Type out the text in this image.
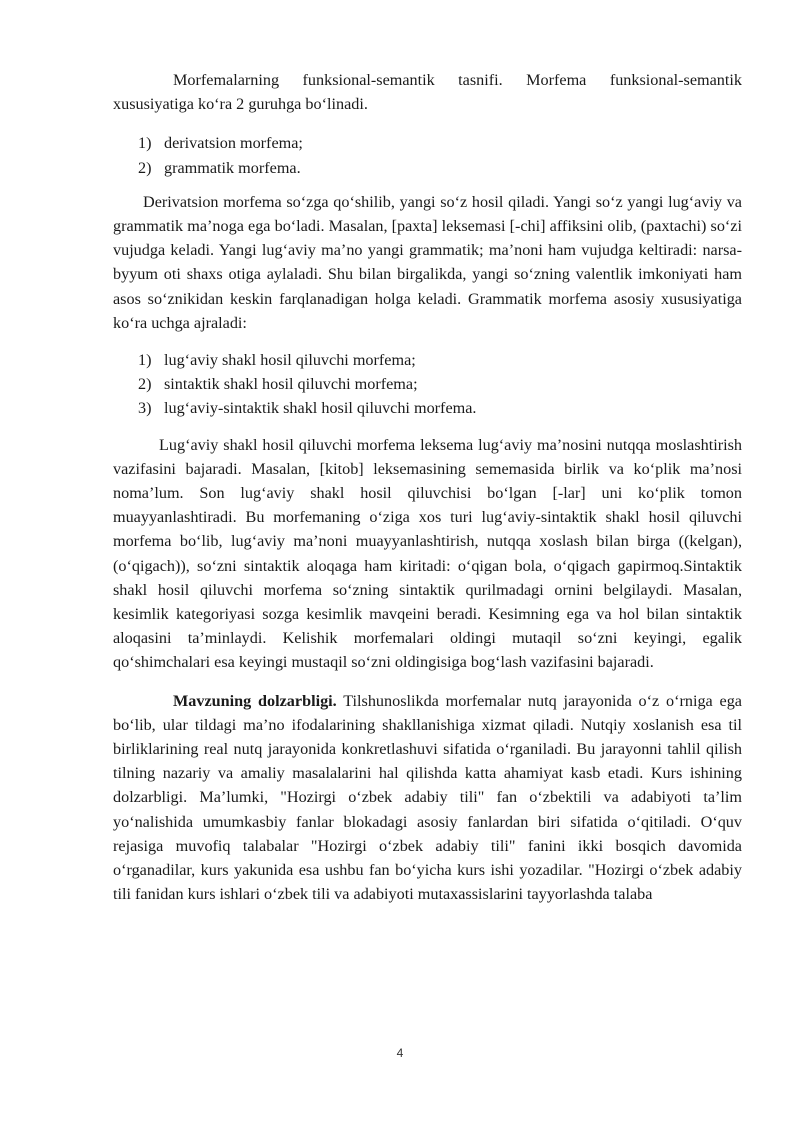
Morfemalarning funksional-semantik tasnifi. Morfema funksional-semantik xususiyatiga ko‘ra 2 guruhga bo‘linadi.

1) derivatsion morfema;
2) grammatik morfema.

Derivatsion morfema so‘zga qo‘shilib, yangi so‘z hosil qiladi. Yangi so‘z yangi lug‘aviy va grammatik ma’noga ega bo‘ladi. Masalan, [paxta] leksemasi [-chi] affiksini olib, (paxtachi) so‘zi vujudga keladi. Yangi lug‘aviy ma’no yangi grammatik; ma’noni ham vujudga keltiradi: narsa-byyum oti shaxs otiga aylaladi. Shu bilan birgalikda, yangi so‘zning valentlik imkoniyati ham asos so‘znikidan keskin farqlanadigan holga keladi. Grammatik morfema asosiy xususiyatiga ko‘ra uchga ajraladi:

1) lug‘aviy shakl hosil qiluvchi morfema;
2) sintaktik shakl hosil qiluvchi morfema;
3) lug‘aviy-sintaktik shakl hosil qiluvchi morfema.

Lug‘aviy shakl hosil qiluvchi morfema leksema lug‘aviy ma’nosini nutqqa moslashtirish vazifasini bajaradi. Masalan, [kitob] leksemasining sememasida birlik va ko‘plik ma’nosi noma’lum. Son lug‘aviy shakl hosil qiluvchisi bo‘lgan [-lar] uni ko‘plik tomon muayyanlashtiradi. Bu morfemaning o‘ziga xos turi lug‘aviy-sintaktik shakl hosil qiluvchi morfema bo‘lib, lug‘aviy ma’noni muayyanlashtirish, nutqqa xoslash bilan birga ((kelgan), (o‘qigach)), so‘zni sintaktik aloqaga ham kiritadi: o‘qigan bola, o‘qigach gapirmoq.Sintaktik shakl hosil qiluvchi morfema so‘zning sintaktik qurilmadagi ornini belgilaydi. Masalan, kesimlik kategoriyasi sozga kesimlik mavqeini beradi. Kesimning ega va hol bilan sintaktik aloqasini ta’minlaydi. Kelishik morfemalari oldingi mutaqil so‘zni keyingi, egalik qo‘shimchalari esa keyingi mustaqil so‘zni oldingisiga bog‘lash vazifasini bajaradi.

Mavzuning dolzarbligi. Tilshunoslikda morfemalar nutq jarayonida o‘z o‘rniga ega bo‘lib, ular tildagi ma’no ifodalarining shakllanishiga xizmat qiladi. Nutqiy xoslanish esa til birliklarining real nutq jarayonida konkretlashuvi sifatida o‘rganiladi. Bu jarayonni tahlil qilish tilning nazariy va amaliy masalalarini hal qilishda katta ahamiyat kasb etadi. Kurs ishining dolzarbligi. Ma’lumki, "Hozirgi o‘zbek adabiy tili" fan o‘zbektili va adabiyoti ta’lim yo‘nalishida umumkasbiy fanlar blokadagi asosiy fanlardan biri sifatida o‘qitiladi. O‘quv rejasiga muvofiq talabalar "Hozirgi o‘zbek adabiy tili" fanini ikki bosqich davomida o‘rganadilar, kurs yakunida esa ushbu fan bo‘yicha kurs ishi yozadilar. "Hozirgi o‘zbek adabiy tili fanidan kurs ishlari o‘zbek tili va adabiyoti mutaxassislarini tayyorlashda talaba

4
